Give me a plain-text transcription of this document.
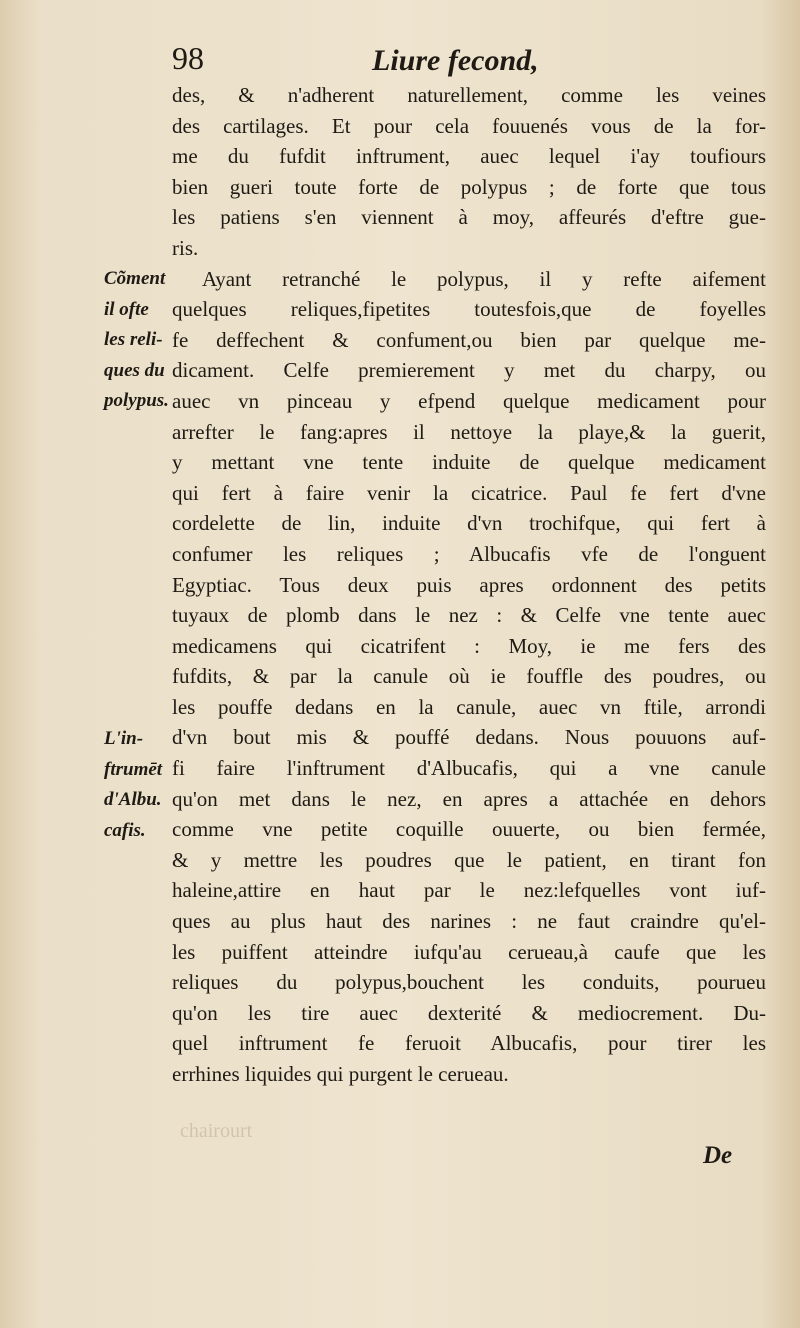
98	Liure fecond,
des, & n'adherent naturellement, comme les veines
des cartilages. Et pour cela fouuenés vous de la for-
me du fufdit inftrument, auec lequel i'ay toufiours
bien gueri toute forte de polypus ; de forte que tous
les patiens s'en viennent à moy, affeurés d'eftre gue-
ris.
Ayant retranché le polypus, il y refte aifement
quelques reliques,fipetites toutesfois,que de foyelles
fe deffechent & confument,ou bien par quelque me-
dicament. Celfe premierement y met du charpy, ou
auec vn pinceau y efpend quelque medicament pour
arrefter le fang:apres il nettoye la playe,& la guerit,
y mettant vne tente induite de quelque medicament
qui fert à faire venir la cicatrice. Paul fe fert d'vne
cordelette de lin, induite d'vn trochifque, qui fert à
confumer les reliques ; Albucafis vfe de l'onguent
Egyptiac. Tous deux puis apres ordonnent des petits
tuyaux de plomb dans le nez : & Celfe vne tente auec
medicamens qui cicatrifent : Moy, ie me fers des
fufdits, & par la canule où ie fouffle des poudres, ou
les pouffe dedans en la canule, auec vn ftile, arrondi
d'vn bout mis & pouffé dedans. Nous pouuons auf-
fi faire l'inftrument d'Albucafis, qui a vne canule
qu'on met dans le nez, en apres a attachée en dehors
comme vne petite coquille ouuerte, ou bien fermée,
& y mettre les poudres que le patient, en tirant fon
haleine,attire en haut par le nez:lefquelles vont iuf-
ques au plus haut des narines : ne faut craindre qu'el-
les puiffent atteindre iufqu'au cerueau,à caufe que les
reliques du polypus,bouchent les conduits, pourueu
qu'on les tire auec dexterité & mediocrement. Du-
quel inftrument fe feruoit Albucafis, pour tirer les
errhines liquides qui purgent le cerueau.
Cõment
il ofte
les reli-
ques du
polypus.
L'in-
ftrumēt
d'Albu.
cafis.
chairourt
De
